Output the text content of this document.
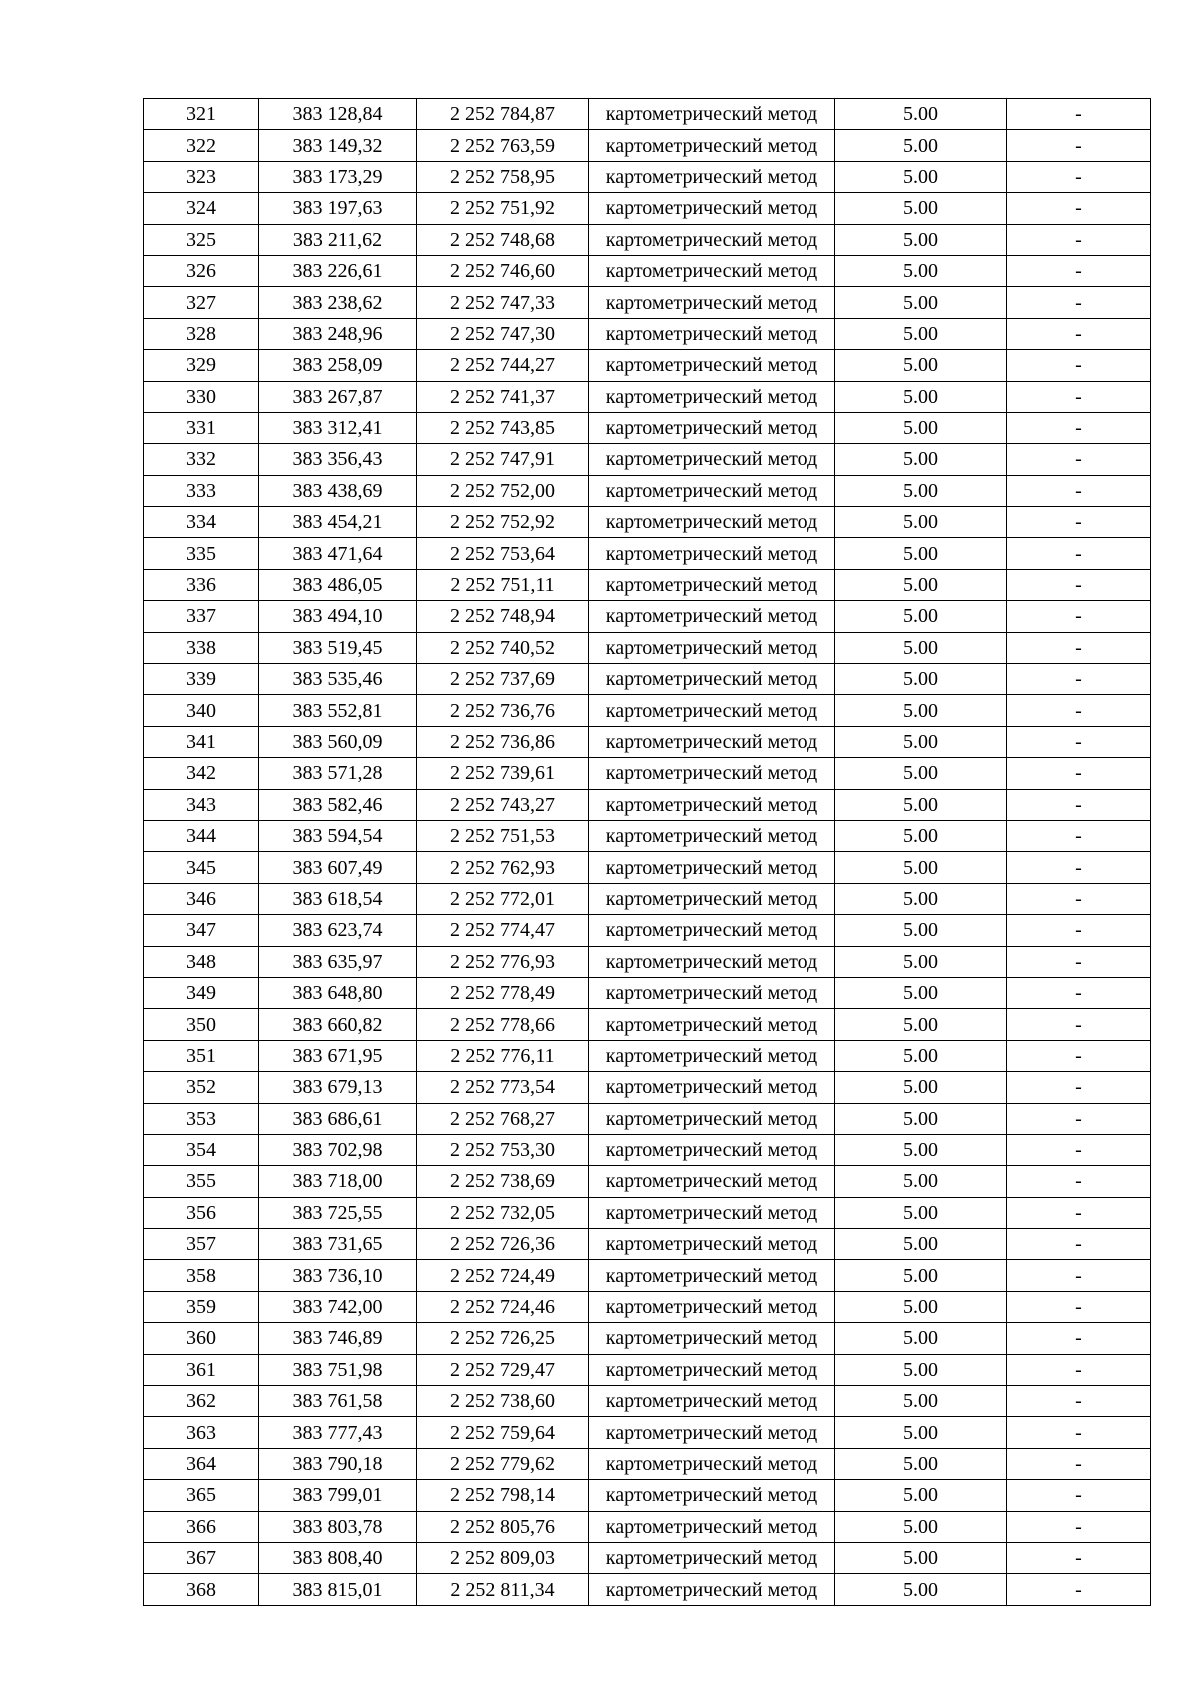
321	383 128,84	2 252 784,87	картометрический метод	5.00	-
322	383 149,32	2 252 763,59	картометрический метод	5.00	-
323	383 173,29	2 252 758,95	картометрический метод	5.00	-
324	383 197,63	2 252 751,92	картометрический метод	5.00	-
325	383 211,62	2 252 748,68	картометрический метод	5.00	-
326	383 226,61	2 252 746,60	картометрический метод	5.00	-
327	383 238,62	2 252 747,33	картометрический метод	5.00	-
328	383 248,96	2 252 747,30	картометрический метод	5.00	-
329	383 258,09	2 252 744,27	картометрический метод	5.00	-
330	383 267,87	2 252 741,37	картометрический метод	5.00	-
331	383 312,41	2 252 743,85	картометрический метод	5.00	-
332	383 356,43	2 252 747,91	картометрический метод	5.00	-
333	383 438,69	2 252 752,00	картометрический метод	5.00	-
334	383 454,21	2 252 752,92	картометрический метод	5.00	-
335	383 471,64	2 252 753,64	картометрический метод	5.00	-
336	383 486,05	2 252 751,11	картометрический метод	5.00	-
337	383 494,10	2 252 748,94	картометрический метод	5.00	-
338	383 519,45	2 252 740,52	картометрический метод	5.00	-
339	383 535,46	2 252 737,69	картометрический метод	5.00	-
340	383 552,81	2 252 736,76	картометрический метод	5.00	-
341	383 560,09	2 252 736,86	картометрический метод	5.00	-
342	383 571,28	2 252 739,61	картометрический метод	5.00	-
343	383 582,46	2 252 743,27	картометрический метод	5.00	-
344	383 594,54	2 252 751,53	картометрический метод	5.00	-
345	383 607,49	2 252 762,93	картометрический метод	5.00	-
346	383 618,54	2 252 772,01	картометрический метод	5.00	-
347	383 623,74	2 252 774,47	картометрический метод	5.00	-
348	383 635,97	2 252 776,93	картометрический метод	5.00	-
349	383 648,80	2 252 778,49	картометрический метод	5.00	-
350	383 660,82	2 252 778,66	картометрический метод	5.00	-
351	383 671,95	2 252 776,11	картометрический метод	5.00	-
352	383 679,13	2 252 773,54	картометрический метод	5.00	-
353	383 686,61	2 252 768,27	картометрический метод	5.00	-
354	383 702,98	2 252 753,30	картометрический метод	5.00	-
355	383 718,00	2 252 738,69	картометрический метод	5.00	-
356	383 725,55	2 252 732,05	картометрический метод	5.00	-
357	383 731,65	2 252 726,36	картометрический метод	5.00	-
358	383 736,10	2 252 724,49	картометрический метод	5.00	-
359	383 742,00	2 252 724,46	картометрический метод	5.00	-
360	383 746,89	2 252 726,25	картометрический метод	5.00	-
361	383 751,98	2 252 729,47	картометрический метод	5.00	-
362	383 761,58	2 252 738,60	картометрический метод	5.00	-
363	383 777,43	2 252 759,64	картометрический метод	5.00	-
364	383 790,18	2 252 779,62	картометрический метод	5.00	-
365	383 799,01	2 252 798,14	картометрический метод	5.00	-
366	383 803,78	2 252 805,76	картометрический метод	5.00	-
367	383 808,40	2 252 809,03	картометрический метод	5.00	-
368	383 815,01	2 252 811,34	картометрический метод	5.00	-
